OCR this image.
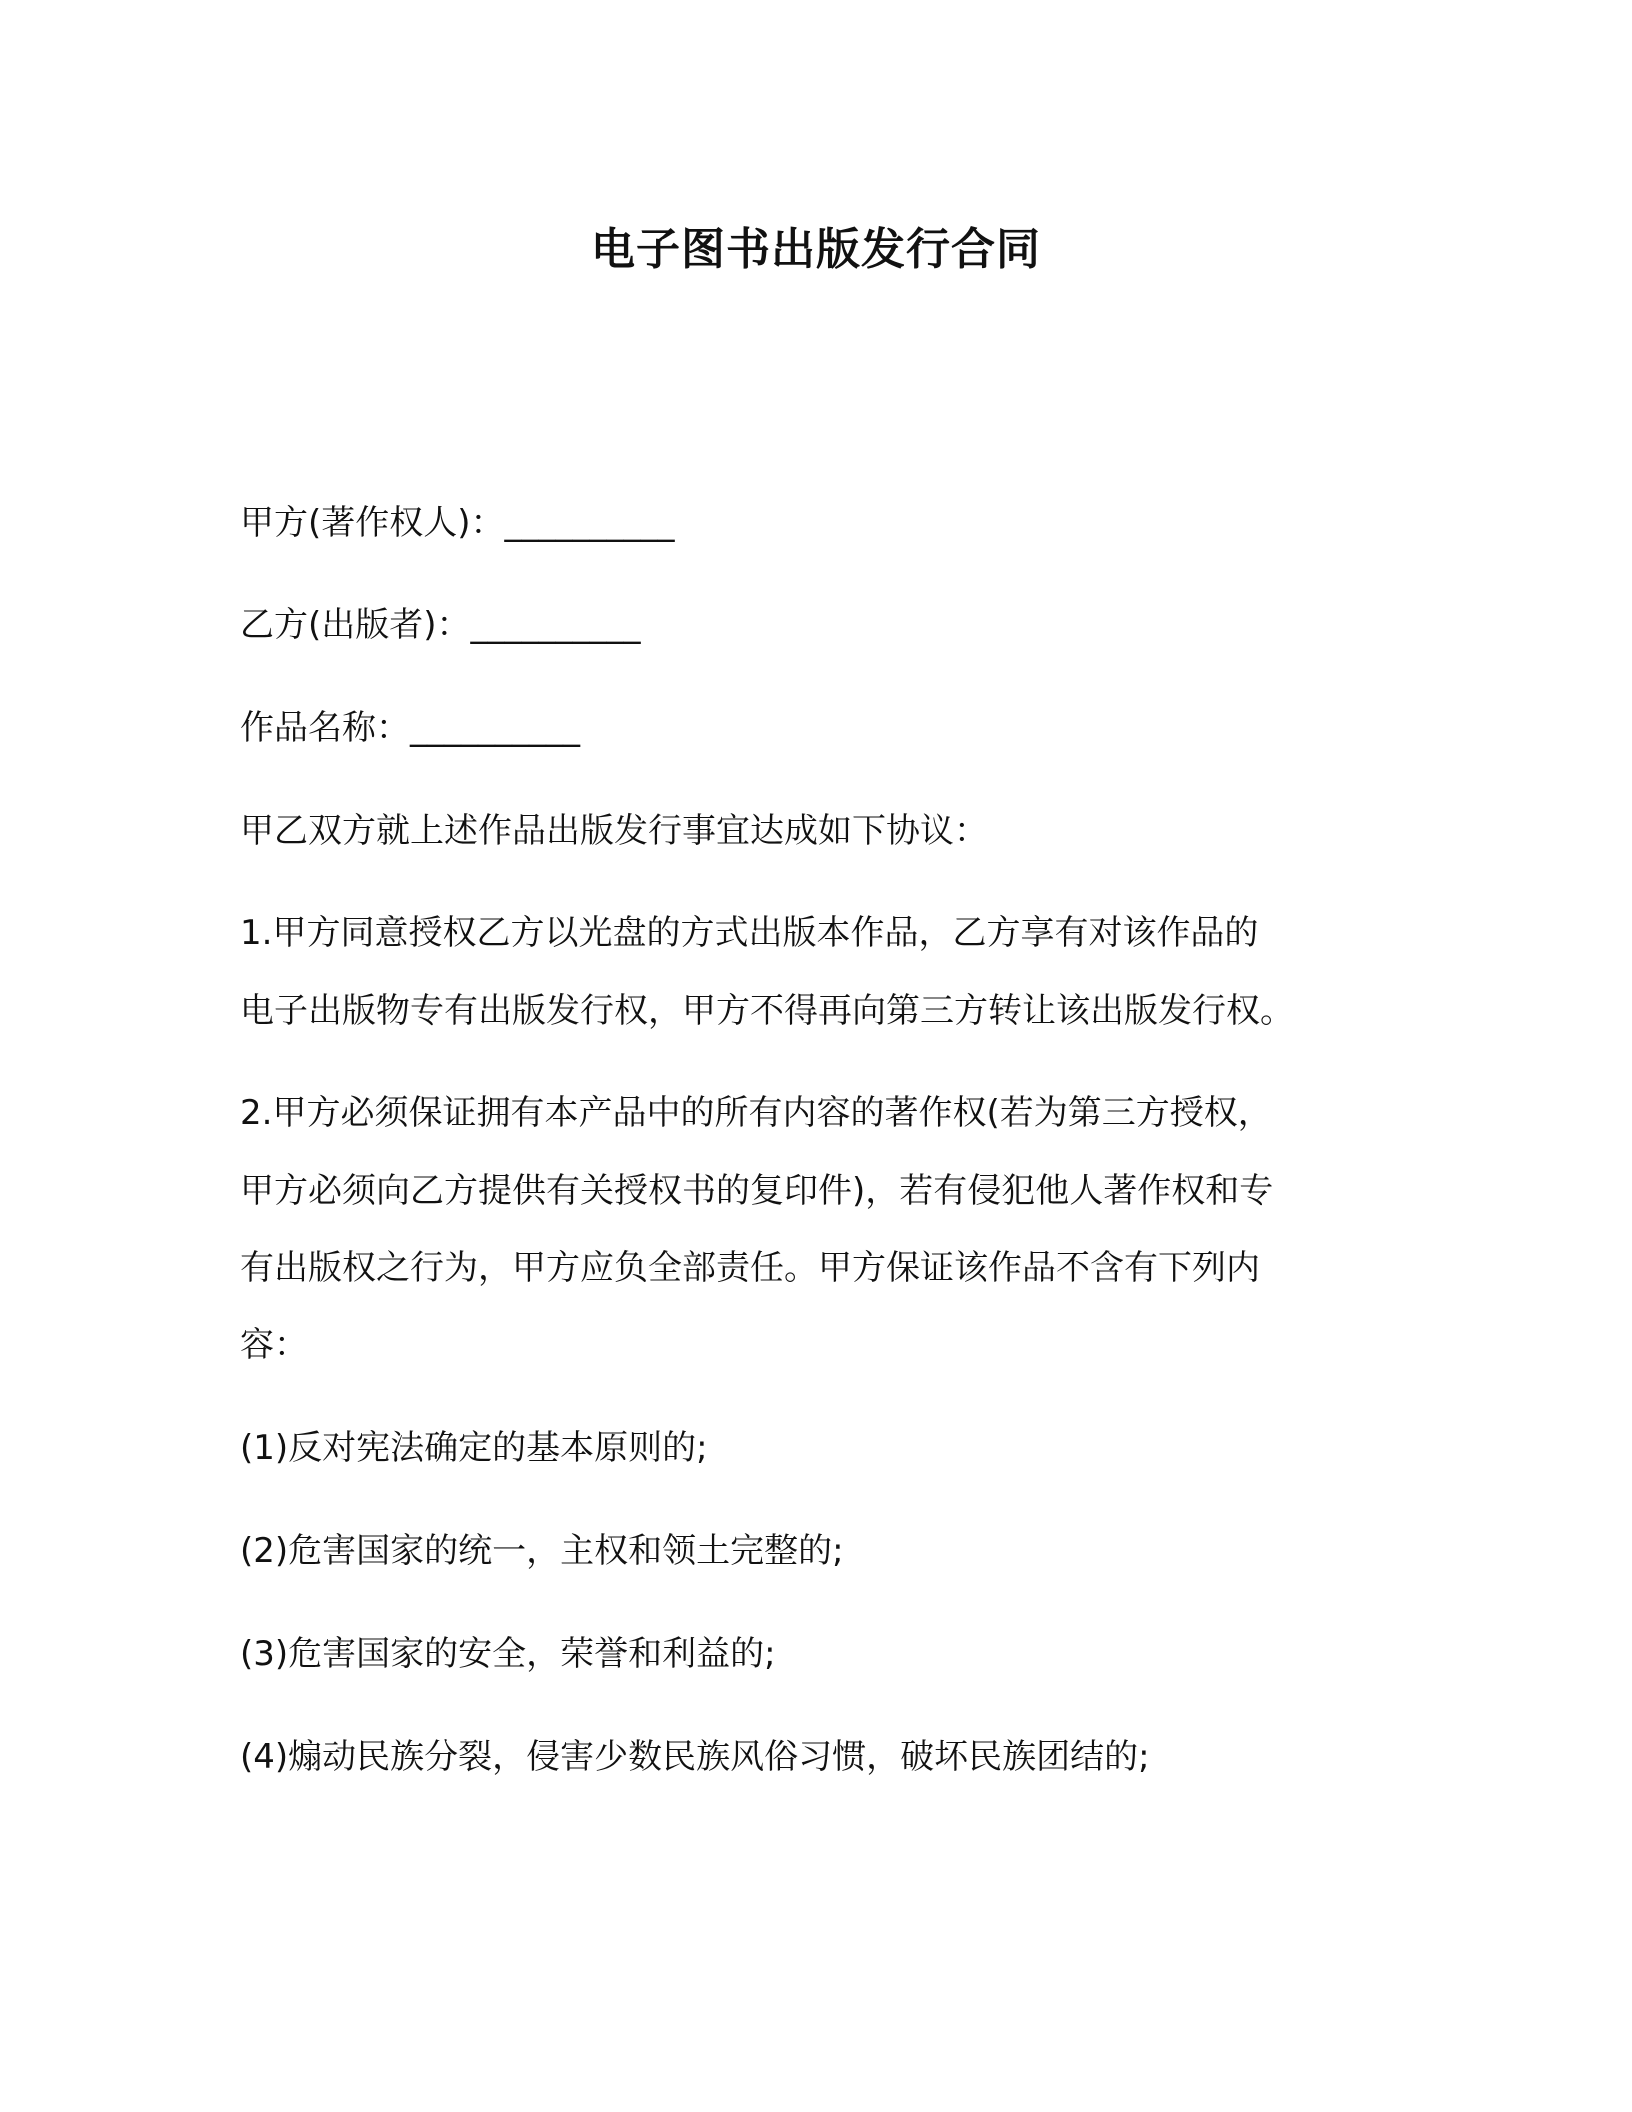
电子图书出版发行合同
甲方(著作权人)：__________
乙方(出版者)：__________
作品名称：__________
甲乙双方就上述作品出版发行事宜达成如下协议：
1.甲方同意授权乙方以光盘的方式出版本作品，乙方享有对该作品的
电子出版物专有出版发行权，甲方不得再向第三方转让该出版发行权。
2.甲方必须保证拥有本产品中的所有内容的著作权(若为第三方授权，
甲方必须向乙方提供有关授权书的复印件)，若有侵犯他人著作权和专
有出版权之行为，甲方应负全部责任。甲方保证该作品不含有下列内
容：
(1)反对宪法确定的基本原则的;
(2)危害国家的统一，主权和领土完整的;
(3)危害国家的安全，荣誉和利益的;
(4)煽动民族分裂，侵害少数民族风俗习惯，破坏民族团结的;
